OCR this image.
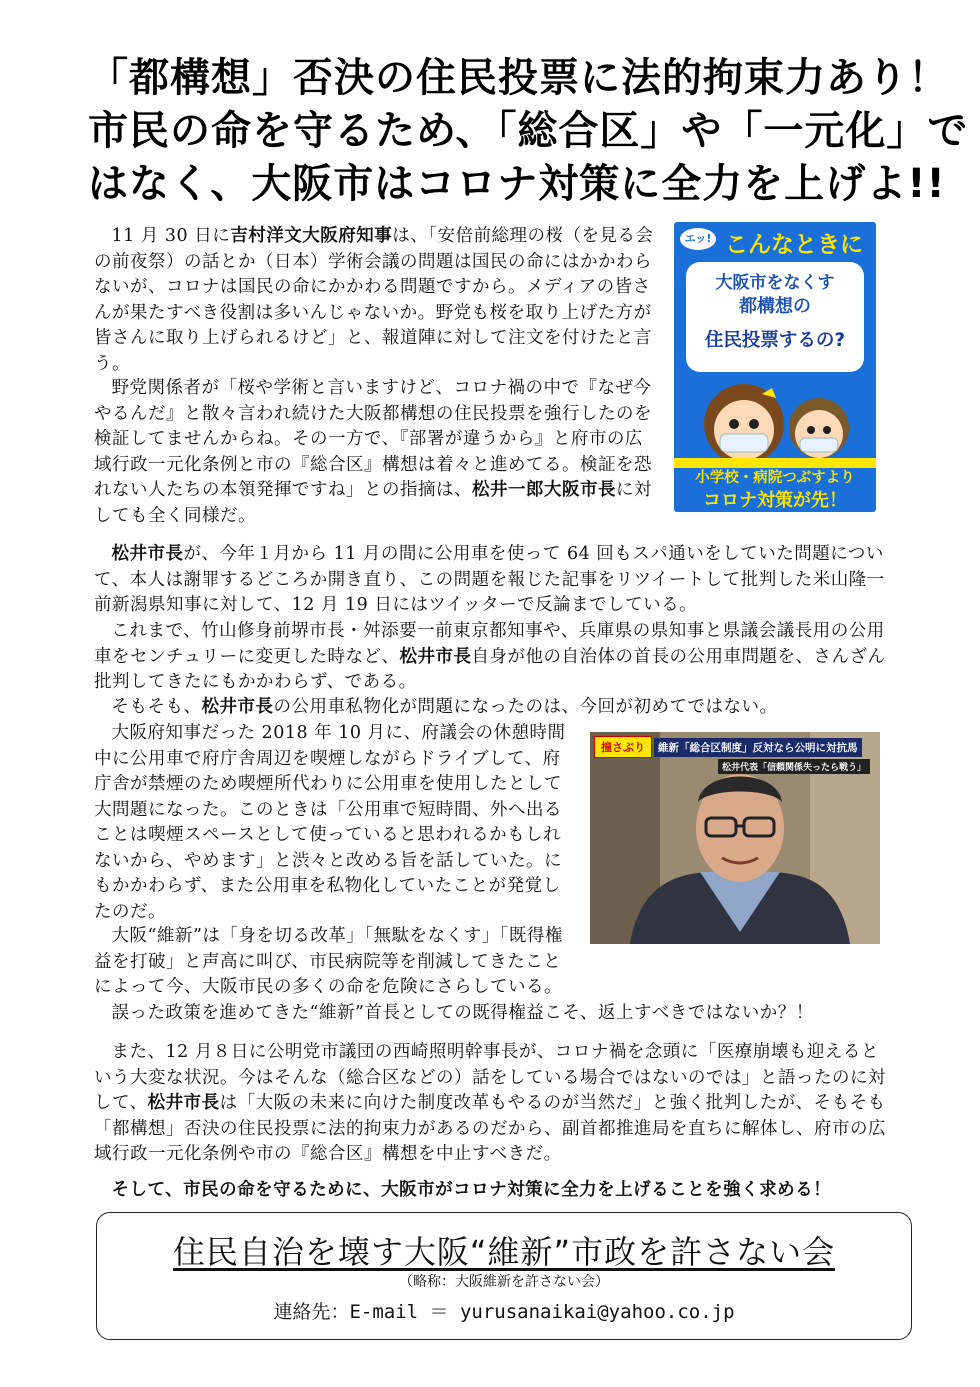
「都構想」否決の住民投票に法的拘束力あり！
市民の命を守るため、「総合区」や「一元化」で
はなく、大阪市はコロナ対策に全力を上げよ!!

11 月 30 日に吉村洋文大阪府知事は、「安倍前総理の桜（を見る会の前夜祭）の話とか（日本）学術会議の問題は国民の命にはかかわらないが、コロナは国民の命にかかわる問題ですから。メディアの皆さんが果たすべき役割は多いんじゃないか。野党も桜を取り上げた方が皆さんに取り上げられるけど」と、報道陣に対して注文を付けたと言う。

野党関係者が「桜や学術と言いますけど、コロナ禍の中で『なぜ今やるんだ』と散々言われ続けた大阪都構想の住民投票を強行したのを検証してませんからね。その一方で、『部署が違うから』と府市の広域行政一元化条例と市の『総合区』構想は着々と進めてる。検証を恐れない人たちの本領発揮ですね」との指摘は、松井一郎大阪市長に対しても全く同様だ。

エッ! こんなときに
大阪市をなくす
都構想の
住民投票するの?
小学校・病院つぶすより
コロナ対策が先！

松井市長が、今年１月から 11 月の間に公用車を使って 64 回もスパ通いをしていた問題について、本人は謝罪するどころか開き直り、この問題を報じた記事をリツイートして批判した米山隆一前新潟県知事に対して、12 月 19 日にはツイッターで反論までしている。

これまで、竹山修身前堺市長・舛添要一前東京都知事や、兵庫県の県知事と県議会議長用の公用車をセンチュリーに変更した時など、松井市長自身が他の自治体の首長の公用車問題を、さんざん批判してきたにもかかわらず、である。

そもそも、松井市長の公用車私物化が問題になったのは、今回が初めてではない。

大阪府知事だった 2018 年 10 月に、府議会の休憩時間中に公用車で府庁舎周辺を喫煙しながらドライブして、府庁舎が禁煙のため喫煙所代わりに公用車を使用したとして大問題になった。このときは「公用車で短時間、外へ出ることは喫煙スペースとして使っていると思われるかもしれないから、やめます」と渋々と改める旨を話していた。にもかかわらず、また公用車を私物化していたことが発覚したのだ。

撞さぶり	維新「総合区制度」反対なら公明に対抗馬
松井代表「信頼関係失ったら戦う」

大阪“維新”は「身を切る改革」「無駄をなくす」「既得権益を打破」と声高に叫び、市民病院等を削減してきたことによって今、大阪市民の多くの命を危険にさらしている。

誤った政策を進めてきた“維新”首長としての既得権益こそ、返上すべきではないか？！

また、12 月８日に公明党市議団の西崎照明幹事長が、コロナ禍を念頭に「医療崩壊も迎えるという大変な状況。今はそんな（総合区などの）話をしている場合ではないのでは」と語ったのに対して、松井市長は「大阪の未来に向けた制度改革もやるのが当然だ」と強く批判したが、そもそも「都構想」否決の住民投票に法的拘束力があるのだから、副首都推進局を直ちに解体し、府市の広域行政一元化条例や市の『総合区』構想を中止すべきだ。

そして、市民の命を守るために、大阪市がコロナ対策に全力を上げることを強く求める！

住民自治を壊す大阪“維新”市政を許さない会
（略称：大阪維新を許さない会）
連絡先：E-mail ＝ yurusanaikai@yahoo.co.jp
